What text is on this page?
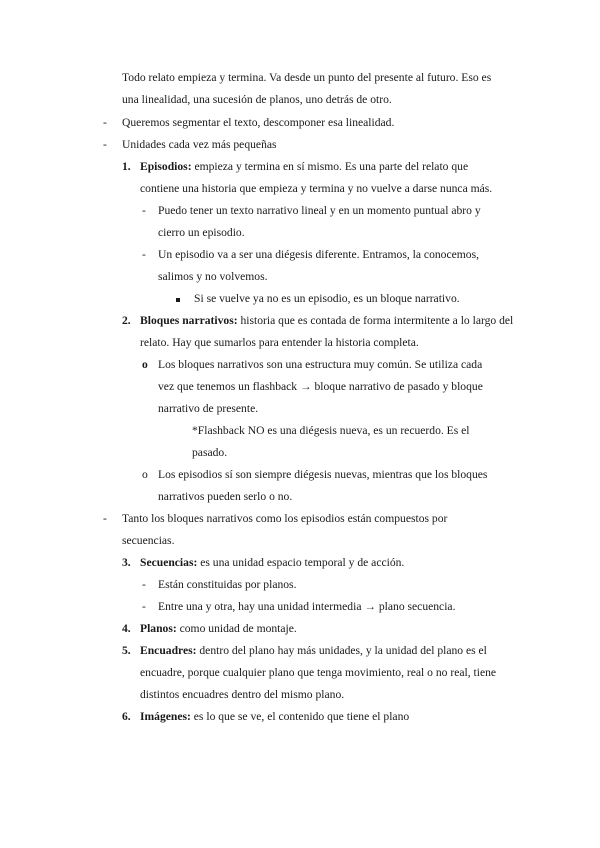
Todo relato empieza y termina. Va desde un punto del presente al futuro. Eso es una linealidad, una sucesión de planos, uno detrás de otro.

- Queremos segmentar el texto, descomponer esa linealidad.

- Unidades cada vez más pequeñas

1. Episodios: empieza y termina en sí mismo. Es una parte del relato que contiene una historia que empieza y termina y no vuelve a darse nunca más.

- Puedo tener un texto narrativo lineal y en un momento puntual abro y cierro un episodio.

- Un episodio va a ser una diégesis diferente. Entramos, la conocemos, salimos y no volvemos.

Si se vuelve ya no es un episodio, es un bloque narrativo.

2. Bloques narrativos: historia que es contada de forma intermitente a lo largo del relato. Hay que sumarlos para entender la historia completa.

o Los bloques narrativos son una estructura muy común. Se utiliza cada vez que tenemos un flashback → bloque narrativo de pasado y bloque narrativo de presente.

*Flashback NO es una diégesis nueva, es un recuerdo. Es el pasado.

o Los episodios sí son siempre diégesis nuevas, mientras que los bloques narrativos pueden serlo o no.

- Tanto los bloques narrativos como los episodios están compuestos por secuencias.

3. Secuencias: es una unidad espacio temporal y de acción.

- Están constituidas por planos.

- Entre una y otra, hay una unidad intermedia → plano secuencia.

4. Planos: como unidad de montaje.

5. Encuadres: dentro del plano hay más unidades, y la unidad del plano es el encuadre, porque cualquier plano que tenga movimiento, real o no real, tiene distintos encuadres dentro del mismo plano.

6. Imágenes: es lo que se ve, el contenido que tiene el plano
